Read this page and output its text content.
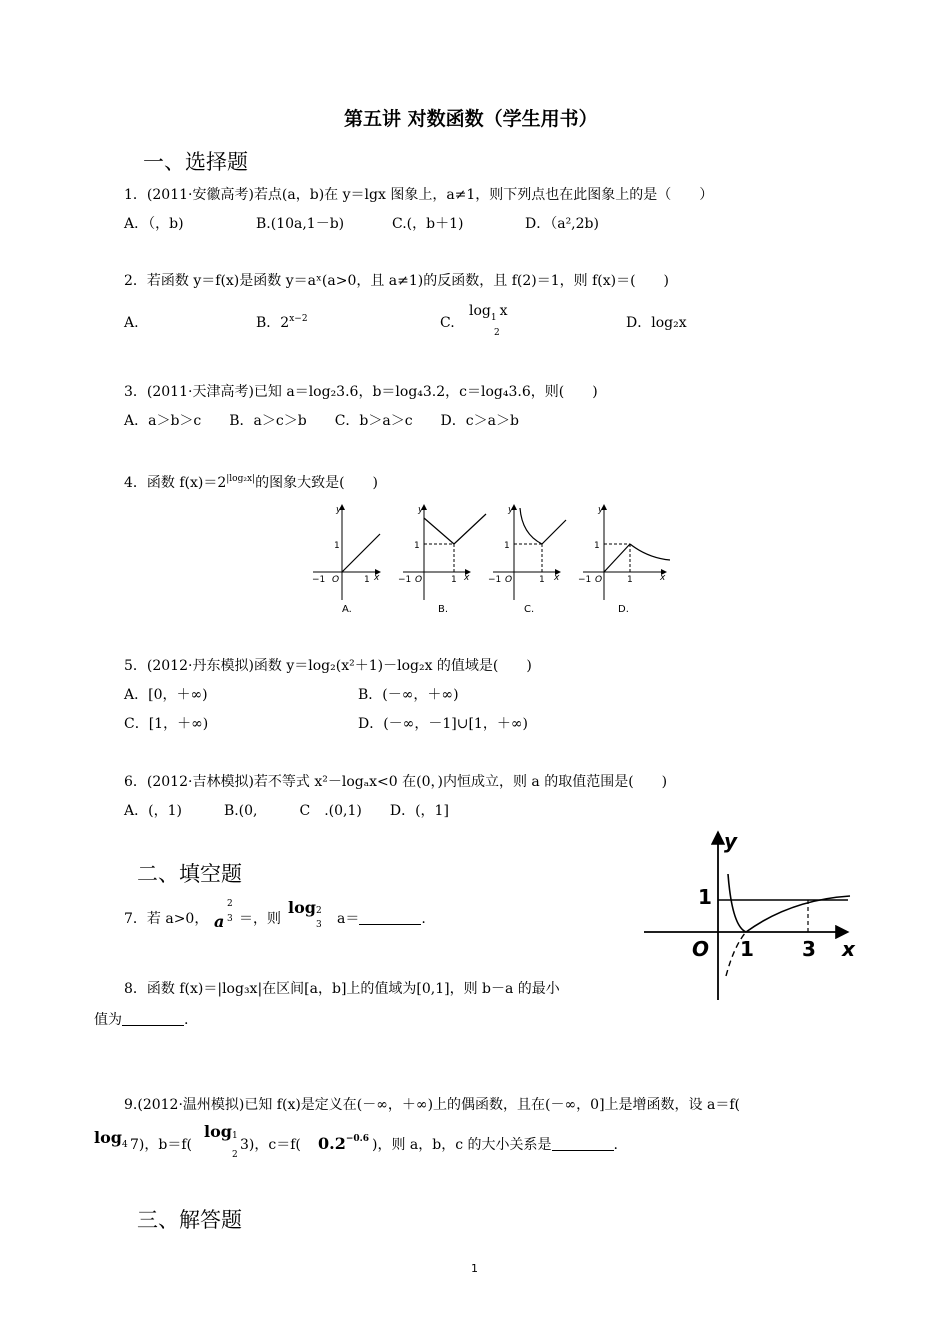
第五讲 对数函数（学生用书）
一、选择题
1．(2011·安徽高考)若点(a，b)在 y＝lgx 图象上，a≠1，则下列点也在此图象上的是（　　）
A．（，b)	B.(10a,1－b)	C.(，b＋1)	D．（a²,2b)
2．若函数 y＝f(x)是函数 y＝aˣ(a>0，且 a≠1)的反函数，且 f(2)＝1，则 f(x)＝(　　)
A.	B．$2^{x-2}$	C.
$\log_1 x$
2
D．log₂x
3．(2011·天津高考)已知 a＝log₂3.6，b＝log₄3.2，c＝log₄3.6，则(　　)
A．a＞b＞c　　B．a＞c＞b　　C．b＞a＞c　　D．c＞a＞b
4．函数 $f(x)=2^{|log_2x|}$的图象大致是(　　)
y
x
1
−1 O	1
A.
y
x
1
−1 O	1
B.
y
x
1
−1 O	1
C.
y
x
1
−1 O	1
D.
5．(2012·丹东模拟)函数 y＝log₂(x²＋1)－log₂x 的值域是(　　)
A．[0，＋∞)	B．(－∞，＋∞)
C．[1，＋∞)	D．(－∞，－1]∪[1，＋∞)
6．(2012·吉林模拟)若不等式 x²－logₐx<0 在(0，)内恒成立，则 a 的取值范围是(　　)
A．(，1)　　　B.(0,　　　C　.(0,1)　　D．(，1]
二、填空题
7．若 a>0， a
2
3 ＝，则
log 2
3 a＝	.
8．函数 f(x)＝|log₃x|在区间[a，b]上的值域为[0,1]，则 b－a 的最小
值为	.
y
x
1
O 1 3
9.(2012·温州模拟)已知 f(x)是定义在(－∞，＋∞)上的偶函数，且在(－∞，0]上是增函数，设 a＝f(
log 4 7)，b＝f(
log 1
2
3)，c＝f( $0.2^{-0.6}$ )，则 a，b，c 的大小关系是	.
三、解答题
1
